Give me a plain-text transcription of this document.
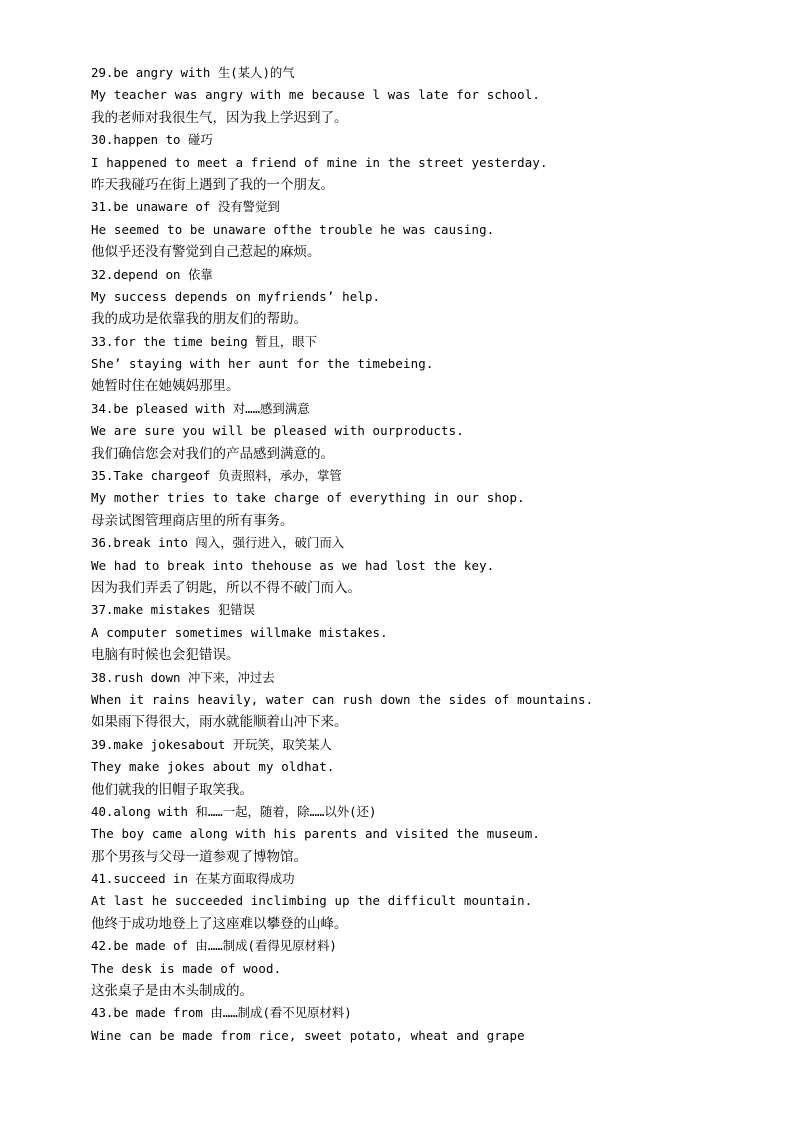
29.be angry with 生(某人)的气
My teacher was angry with me because l was late for school.
我的老师对我很生气，因为我上学迟到了。
30.happen to 碰巧
I happened to meet a friend of mine in the street yesterday.
昨天我碰巧在街上遇到了我的一个朋友。
31.be unaware of 没有警觉到
He seemed to be unaware ofthe trouble he was causing.
他似乎还没有警觉到自己惹起的麻烦。
32.depend on 依靠
My success depends on myfriends’ help.
我的成功是依靠我的朋友们的帮助。
33.for the time being 暂且，眼下
She’ staying with her aunt for the timebeing.
她暂时住在她姨妈那里。
34.be pleased with 对……感到满意
We are sure you will be pleased with ourproducts.
我们确信您会对我们的产品感到满意的。
35.Take chargeof 负责照料，承办，掌管
My mother tries to take charge of everything in our shop.
母亲试图管理商店里的所有事务。
36.break into 闯入，强行进入，破门而入
We had to break into thehouse as we had lost the key.
因为我们弄丢了钥匙，所以不得不破门而入。
37.make mistakes 犯错误
A computer sometimes willmake mistakes.
电脑有时候也会犯错误。
38.rush down 冲下来，冲过去
When it rains heavily, water can rush down the sides of mountains.
如果雨下得很大，雨水就能顺着山冲下来。
39.make jokesabout 开玩笑，取笑某人
They make jokes about my oldhat.
他们就我的旧帽子取笑我。
40.along with 和……一起，随着，除……以外(还)
The boy came along with his parents and visited the museum.
那个男孩与父母一道参观了博物馆。
41.succeed in 在某方面取得成功
At last he succeeded inclimbing up the difficult mountain.
他终于成功地登上了这座难以攀登的山峰。
42.be made of 由……制成(看得见原材料)
The desk is made of wood.
这张桌子是由木头制成的。
43.be made from 由……制成(看不见原材料)
Wine can be made from rice, sweet potato, wheat and grape
